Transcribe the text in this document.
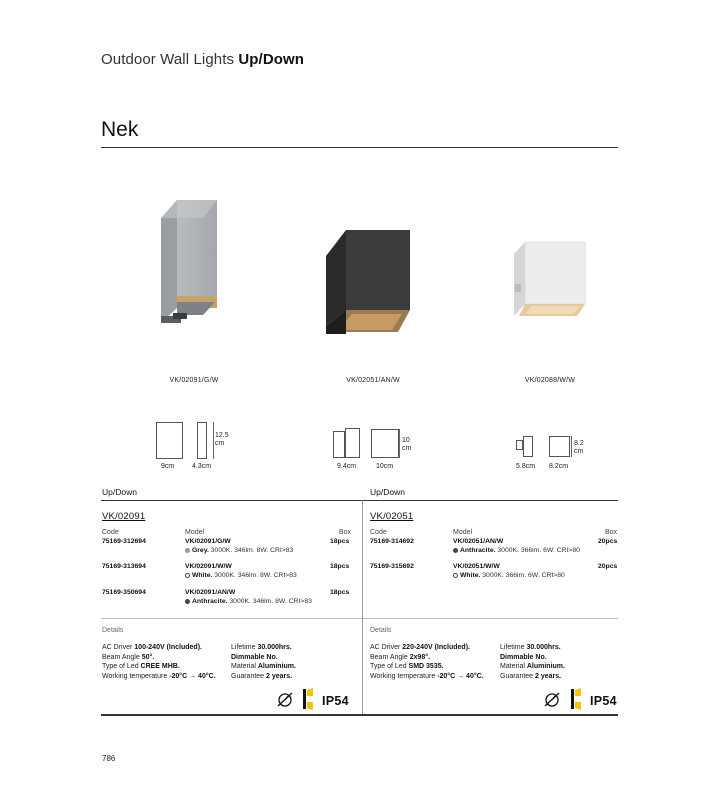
Outdoor Wall Lights Up/Down
Nek
VK/02091/G/W	VK/02051/AN/W	VK/02088/W/W
12.5
cm
9cm	4.3cm
10
cm
9.4cm	10cm
8.2
cm
5.8cm 8.2cm
Up/Down	Up/Down
VK/02091
Code	Model	Box
75169-312694	VK/02091/G/W	18pcs
Grey. 3000K. 346lm. 8W. CRI>83
75169-313694	VK/02091/W/W	18pcs
White. 3000K. 346lm. 8W. CRI>83
75169-350694	VK/02091/AN/W	18pcs
Anthracite. 3000K. 346lm. 8W. CRI>83
VK/02051
Code	Model	Box
75169-314692	VK/02051/AN/W	20pcs
Anthracite. 3000K. 366lm. 6W. CRI>80
75169-315692	VK/02051/W/W	20pcs
White. 3000K. 366lm. 6W. CRI>80
Details
AC Driver 100-240V (Included).
Beam Angle 50°.
Type of Led CREE MHB.
Working temperature -20°C → 40°C.
Lifetime 30.000hrs.
Dimmable No.
Material Aluminium.
Guarantee 2 years.
IP54
Details
AC Driver 220-240V (Included).
Beam Angle 2x98°.
Type of Led SMD 3535.
Working temperature -20°C → 40°C.
Lifetime 30.000hrs.
Dimmable No.
Material Aluminium.
Guarantee 2 years.
IP54
786
